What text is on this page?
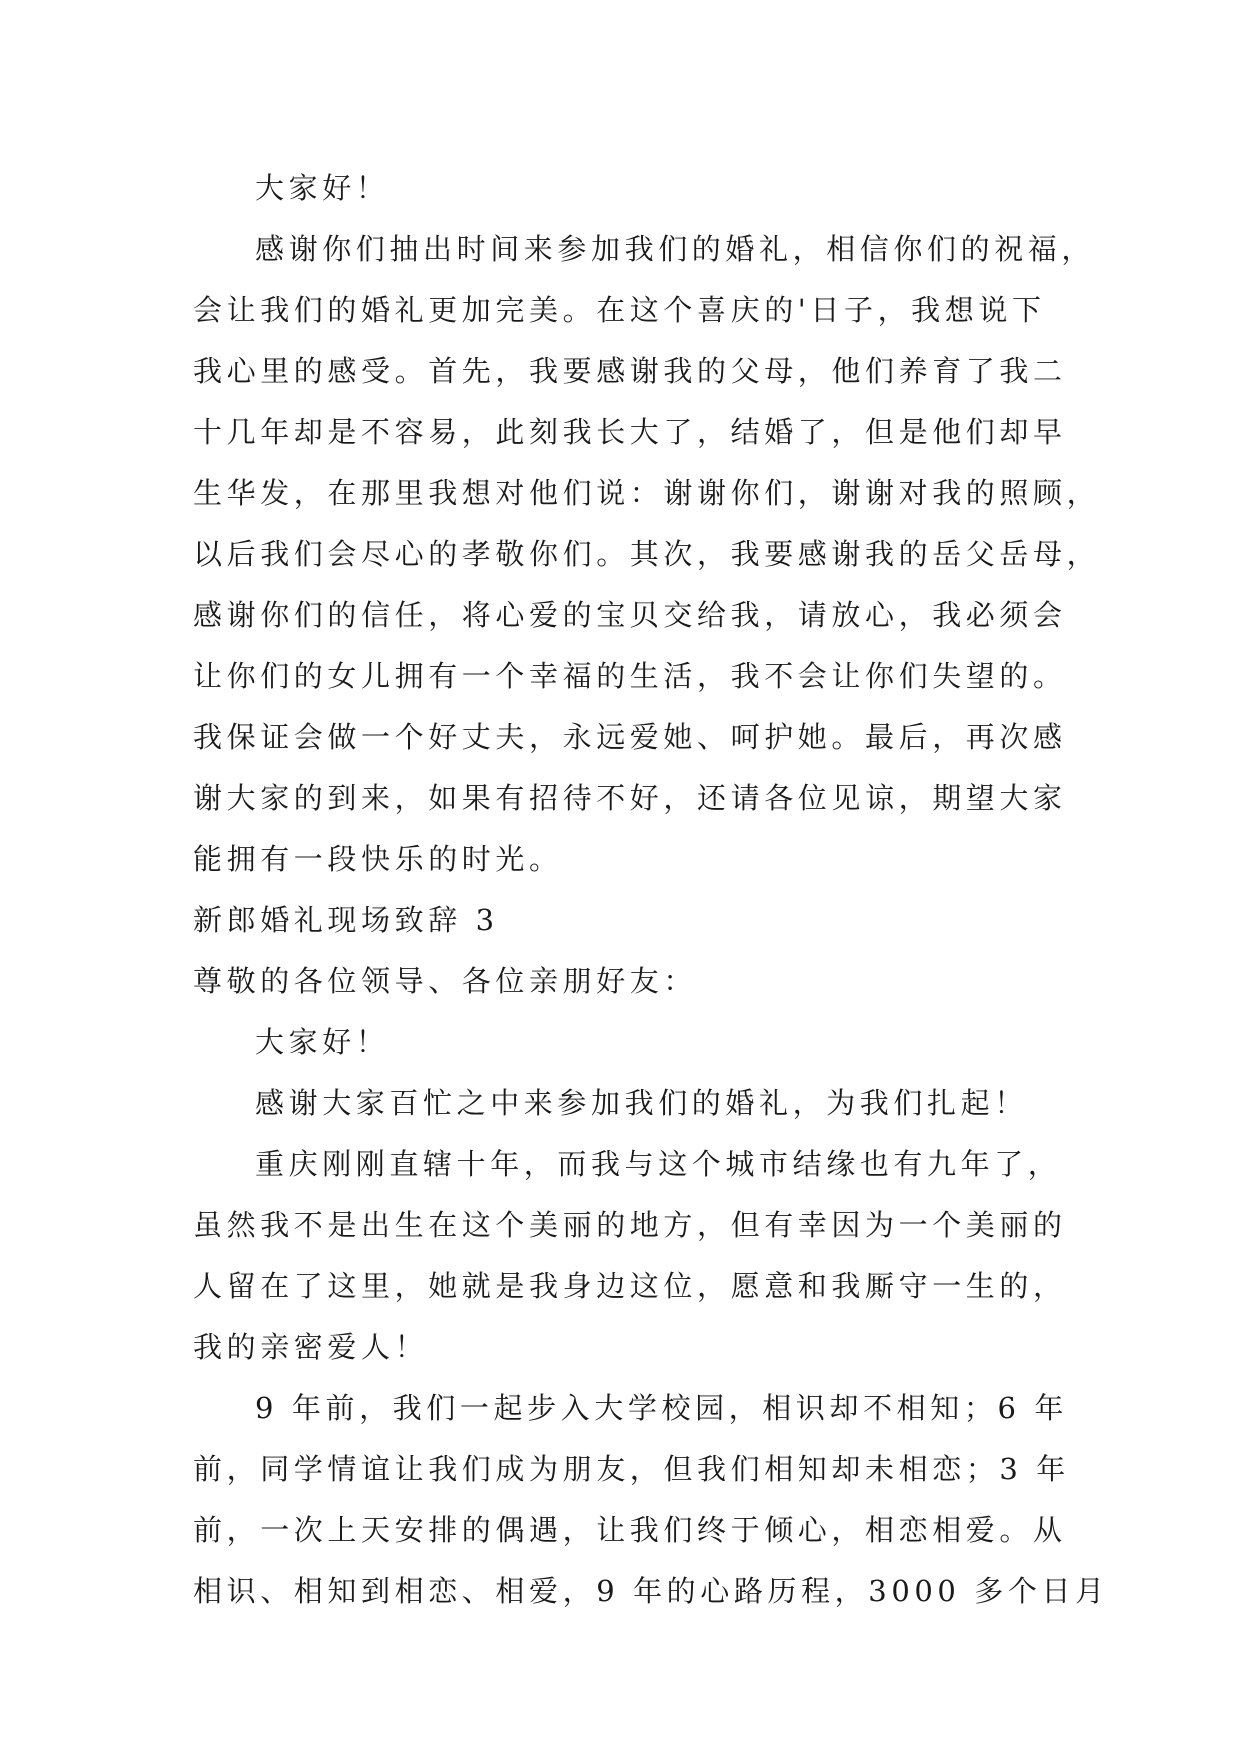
大家好！
感谢你们抽出时间来参加我们的婚礼，相信你们的祝福，
会让我们的婚礼更加完美。在这个喜庆的'日子，我想说下
我心里的感受。首先，我要感谢我的父母，他们养育了我二
十几年却是不容易，此刻我长大了，结婚了，但是他们却早
生华发，在那里我想对他们说：谢谢你们，谢谢对我的照顾，
以后我们会尽心的孝敬你们。其次，我要感谢我的岳父岳母，
感谢你们的信任，将心爱的宝贝交给我，请放心，我必须会
让你们的女儿拥有一个幸福的生活，我不会让你们失望的。
我保证会做一个好丈夫，永远爱她、呵护她。最后，再次感
谢大家的到来，如果有招待不好，还请各位见谅，期望大家
能拥有一段快乐的时光。
新郎婚礼现场致辞 3
尊敬的各位领导、各位亲朋好友：
大家好！
感谢大家百忙之中来参加我们的婚礼，为我们扎起！
重庆刚刚直辖十年，而我与这个城市结缘也有九年了，
虽然我不是出生在这个美丽的地方，但有幸因为一个美丽的
人留在了这里，她就是我身边这位，愿意和我厮守一生的，
我的亲密爱人！
9 年前，我们一起步入大学校园，相识却不相知；6 年
前，同学情谊让我们成为朋友，但我们相知却未相恋；3 年
前，一次上天安排的偶遇，让我们终于倾心，相恋相爱。从
相识、相知到相恋、相爱，9 年的心路历程，3000 多个日月
